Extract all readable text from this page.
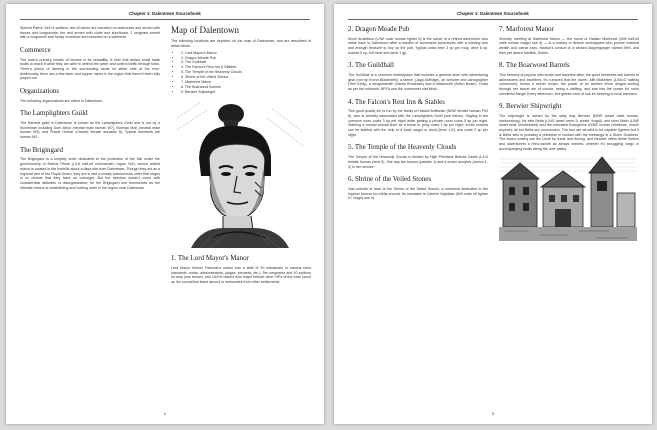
Chapter 1: Dalentown Sourcebook

Special Patrol. 1d4+4 soldiers, two of whom are mounted on warhorses and armed with lances and longswords; the rest armed with clubs and shortbows. 1 sergeant armed with a longsword and heavy crossbow and mounted on a warhorse.

Commerce

The town's primary means of income is its versatility. A river that allows small trade boats to reach it while they are able to defend the water and control traffic through town. There's plenty of farming in the surrounding lands on either side of the river. Additionally, there are a few silver and copper mines in the region that haven't been fully played out.

Organizations

The following organizations are active in Dalentown.

The Lamplighters Guild

The Harvest guild in Dalentown is known as the Lamplighters Guild and is run by a triumvirate including Dorn Athur (neutral male human W7), Borman Mori (neutral male human W3), and Shade Ombar (Chaotic female assassin 8). Typical members are human W1.

The Brigingard

The Brigingard is a knightly order dedicated to the protection of the folk under the governorship of Baldus Rhine (L/LN half-elf commander, rogue, 6/4), whose walled manor is located in the foothills about a days ride from Dalentown. Though they act as a regional arm of the Royal Guard, they are in fact a mostly autonomous order that reigns in so remote that they have no oversight. But the freedom doesn't come with considerable attitudes or disorganization; for the Brigingard see themselves as the ultimate means of establishing and holding order in the region near Dalentown.

Map of Dalentown

The following locations are depicted on the map of Dalentown, and are described in detail below.

• 1. Lord Mayor's Manor
• 2. Dragon Meade Pub
• 3. The Guildhall
• 4. The Falcon's Rest Inn & Stables
• 5. The Temple of the Heavenly Clouds
• 6. Shrine of the Veiled Stones
• 7. Marforest Manor
• 8. The Boarwood Barrels
• 9. Berwier Shipwright
1. The Lord Mayor's Manor

Lord Mayor Keinen Palomar's manor has a staff of 20 individuals in various roles (stewards, cooks, administrators, judges, servants, etc.). Ten sergeants and 10 soldiers on duty (see below), and 1d4+6 visitors who might include other VIPs of the town (such as the councillors listed above) or emissaries from other settlements.

4
Chapter 1: Dalentown Sourcebook
2. Dragon Meade Pub

Kinch Amahlson (L/NE male human fighter 6) is the owner of a retired adventurer who came back to Dalentown after a handful of successful adventures with a missing arm and enough treasure to buy up the pub. Typical costs beer 3 cp per mug, wine 6 cp, snacks 5 cp, full meal and drink 1 gp.

3. The Guildhall

The Guildhall is a common marketplace that includes a general store with adventuring gear (run by Erond Blackmirth), a tanner (Jago Aldridge), an armorer and cartographer (Yem Kelly), a weaponsmith (Varlan Brownlaw) and a blacksmith (Alden Beam). Costs as per the rulebook; NPCs use the commoner stat block.

4. The Falcon's Rest Inn & Stables

This good quality inn is run by the family of Haskel Anfflorian (N/NE female human Ftr3 6), who is secretly associated with the Lamplighters Guild (see below). Staying in the common room costs 3 sp per night while getting a private room costs 5 sp per night. Stabling a normal animal such as a horse or pony costs 1 sp per night; exotic mounts can be stabled with the help of a local ranger or druid (level 1-6), and costs 2 sp per night.

5. The Temple of the Heavenly Clouds

The Temple of the Heavenly Clouds is tended by High Priestess Blanda Castle (L/LN female human cleric 5). She has two lemurs (paladin 1) and a dozen acolytes (clerics 1-3) in her service.

6. Shrine of the Veiled Stones

Just outside of town is the Shrine of the Veiled Stones, a memorial dedicated to the highest honour for militia around. Its caretaker is Caldrim Nightstar (N/N male elf fighter 5 / mage) use 4).

7. Marforest Manor

Secretly meeting at Marforest Manor — the home of Hadlan Marforest (N/N half-elf male human mage) use 4) — is a society of demon worshippers who pursue material wealth and carnal lusts. Hadlan's consort is a wicked doppelganger named Ilfeli, and their pet desert basilisk, Suturn.

8. The Boarwood Barrels

This brewery is popular with locals and travelers alike; the good breweries sell barrels to adventurers and travellers. It's rumored that the owner, Alfil Mikkelsen (L/N/LG halfling commoner), brews a secret recipe; the power of an ancient elven dragon-cooling through her secret ale of course, being a halfling; and she has the power for more wonderful things! Every afternoon, she grants rows of oak for keeping to local travelers.

9. Berwier Shipwright

The shipwright is owned by the salty dog Berwier (N/NE dwarf male human, hardworking); his wife Betta (L/NG dwarf cleric 5, subtle, frugal); and sons Malin (L/NE dwarf neat, kindhearted) and the educated Evangeline (N/NE human rebellious, mouth anyone); all but Betta are commoners. The four are all said to be capable fighters but it is Betta who is probably a priestess in contact with the blessings of a Storm Goddess. The docks nearby are the ports for trade and fishing, and Berwier offers these fishers and adventurers a retro-handle as always needed, whether it's smuggling cargo or accompanying boats along the river safely.

5
